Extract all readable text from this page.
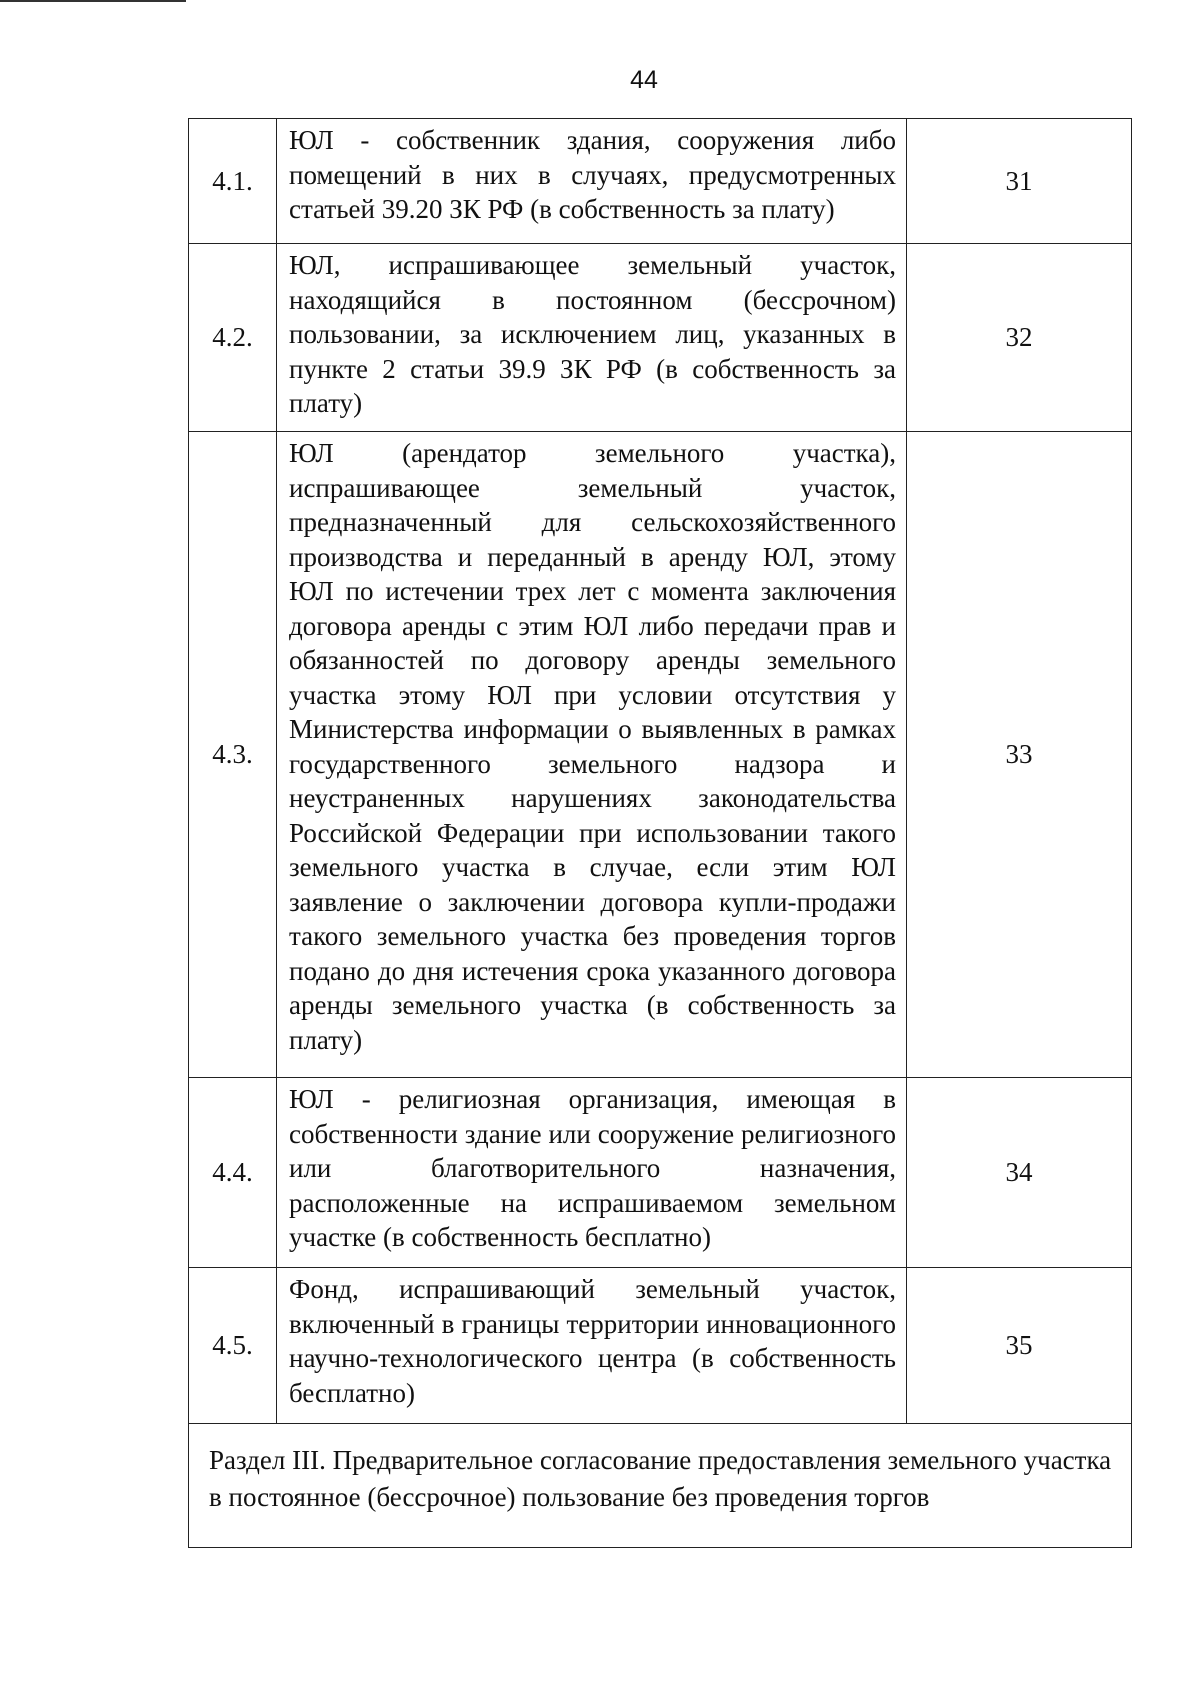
44
4.1.
ЮЛ - собственник здания, сооружения либо помещений в них в случаях, предусмотренных статьей 39.20 ЗК РФ (в собственность за плату)
31
4.2.
ЮЛ, испрашивающее земельный участок, находящийся в постоянном (бессрочном) пользовании, за исключением лиц, указанных в пункте 2 статьи 39.9 ЗК РФ (в собственность за плату)
32
4.3.
ЮЛ (арендатор земельного участка), испрашивающее земельный участок, предназначенный для сельскохозяйственного производства и переданный в аренду ЮЛ, этому ЮЛ по истечении трех лет с момента заключения договора аренды с этим ЮЛ либо передачи прав и обязанностей по договору аренды земельного участка этому ЮЛ при условии отсутствия у Министерства информации о выявленных в рамках государственного земельного надзора и неустраненных нарушениях законодательства Российской Федерации при использовании такого земельного участка в случае, если этим ЮЛ заявление о заключении договора купли-продажи такого земельного участка без проведения торгов подано до дня истечения срока указанного договора аренды земельного участка (в собственность за плату)
33
4.4.
ЮЛ - религиозная организация, имеющая в собственности здание или сооружение религиозного или благотворительного назначения, расположенные на испрашиваемом земельном участке (в собственность бесплатно)
34
4.5.
Фонд, испрашивающий земельный участок, включенный в границы территории инновационного научно-технологического центра (в собственность бесплатно)
35
Раздел III. Предварительное согласование предоставления земельного участка в постоянное (бессрочное) пользование без проведения торгов
